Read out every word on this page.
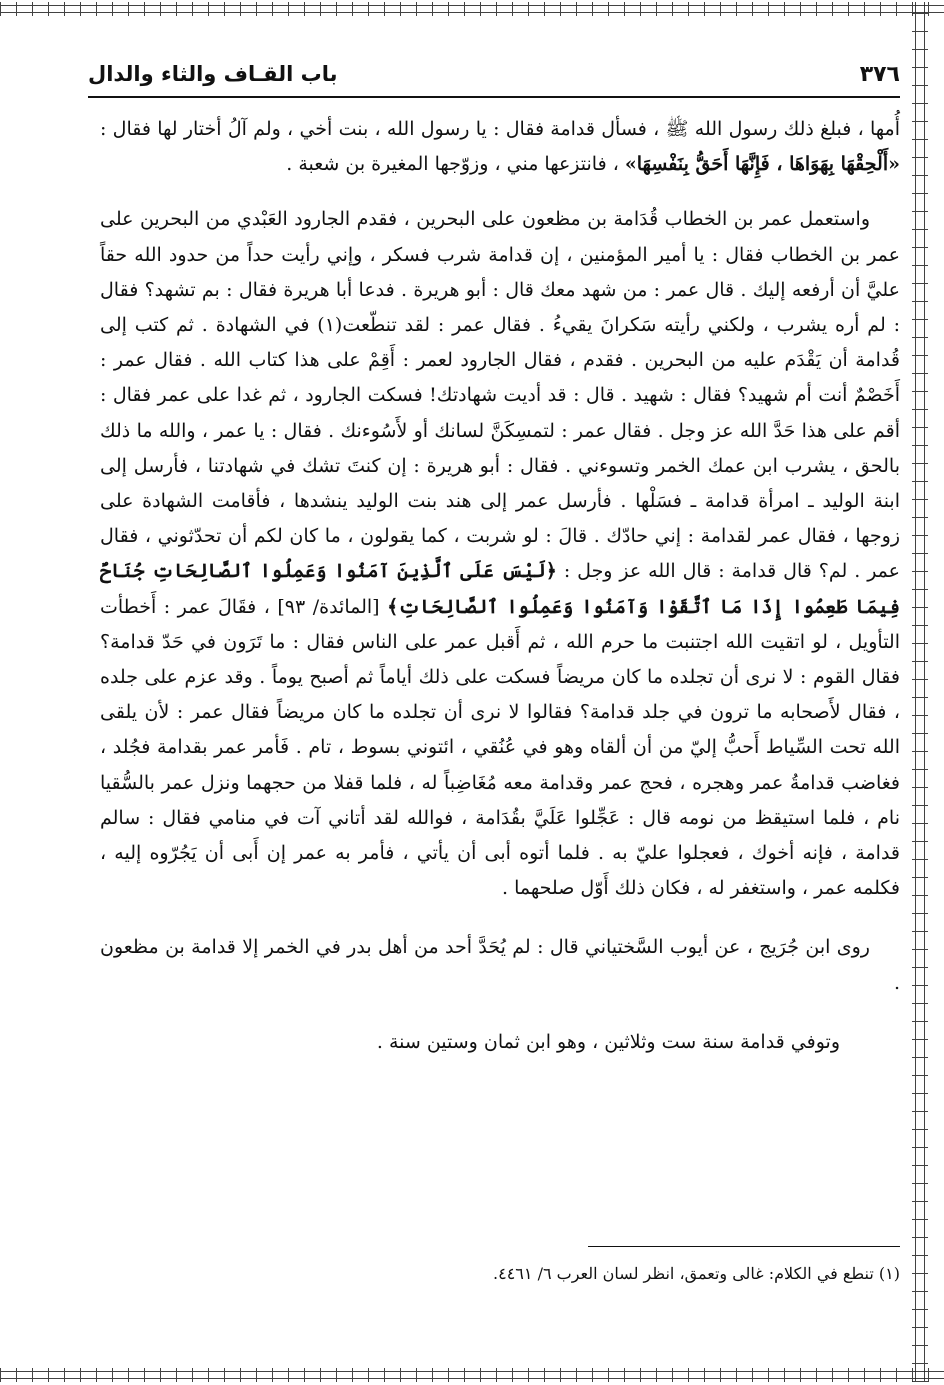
٣٧٦
باب القـاف والثاء والدال

أُمها ، فبلغ ذلك رسول الله ﷺ ، فسأل قدامة فقال : يا رسول الله ، بنت أخي ، ولم آلُ أختار لها فقال : «أَلْحِقْهَا بِهَوَاهَا ، فَإِنَّهَا أَحَقُّ بِنَفْسِهَا» ، فانتزعها مني ، وزوّجها المغيرة بن شعبة .

واستعمل عمر بن الخطاب قُدَامة بن مظعون على البحرين ، فقدم الجارود العَبْدي من البحرين على عمر بن الخطاب فقال : يا أمير المؤمنين ، إن قدامة شرب فسكر ، وإني رأيت حداً من حدود الله حقاً عليَّ أن أرفعه إليك . قال عمر : من شهد معك قال : أبو هريرة . فدعا أبا هريرة فقال : بم تشهد؟ فقال : لم أره يشرب ، ولكني رأيته سَكرانَ يقيءُ . فقال عمر : لقد تنطّعت(١) في الشهادة . ثم كتب إلى قُدامة أن يَقْدَم عليه من البحرين . فقدم ، فقال الجارود لعمر : أَقِمْ على هذا كتاب الله . فقال عمر : أَخَصْمٌ أنت أم شهيد؟ فقال : شهيد . قال : قد أديت شهادتك! فسكت الجارود ، ثم غدا على عمر فقال : أقم على هذا حَدَّ الله عز وجل . فقال عمر : لتمسِكَنَّ لسانك أو لأَسُوءنك . فقال : يا عمر ، والله ما ذلك بالحق ، يشرب ابن عمك الخمر وتسوءني . فقال : أبو هريرة : إن كنتَ تشك في شهادتنا ، فأرسل إلى ابنة الوليد ـ امرأة قدامة ـ فسَلْها . فأرسل عمر إلى هند بنت الوليد ينشدها ، فأقامت الشهادة على زوجها ، فقال عمر لقدامة : إني حادّك . قالَ : لو شربت ، كما يقولون ، ما كان لكم أن تحدّثوني ، فقال عمر . لم؟ قال قدامة : قال الله عز وجل : ﴿لَيْسَ عَلَى ٱلَّذِينَ آمَنُوا وَعَمِلُوا ٱلصَّالِحَاتِ جُنَاحٌ فِيمَا طَعِمُوا إِذَا مَا ٱتَّقَوْا وَآمَنُوا وَعَمِلُوا ٱلصَّالِحَاتِ﴾ [المائدة/ ٩٣] ، فقَالَ عمر : أَخطأت التأويل ، لو اتقيت الله اجتنبت ما حرم الله ، ثم أَقبل عمر على الناس فقال : ما تَرَون في حَدّ قدامة؟ فقال القوم : لا نرى أن تجلده ما كان مريضاً فسكت على ذلك أياماً ثم أصبح يوماً . وقد عزم على جلده ، فقال لأَصحابه ما ترون في جلد قدامة؟ فقالوا لا نرى أن تجلده ما كان مريضاً فقال عمر : لأن يلقى الله تحت السِّياط أَحبُّ إليّ من أن ألقاه وهو في عُنُقي ، ائتوني بسوط ، تام . فَأمر عمر بقدامة فجُلد ، فغاضب قدامةُ عمر وهجره ، فحج عمر وقدامة معه مُغَاضِباً له ، فلما قفلا من حجهما ونزل عمر بالسُّقيا نام ، فلما استيقظ من نومه قال : عَجِّلوا عَلَيَّ بقُدَامة ، فوالله لقد أتاني آت في منامي فقال : سالم قدامة ، فإنه أخوك ، فعجلوا عليّ به . فلما أتوه أبى أن يأتي ، فأمر به عمر إن أَبى أن يَجُرّوه إليه ، فكلمه عمر ، واستغفر له ، فكان ذلك أَوّل صلحهما .

روى ابن جُرَيج ، عن أيوب السَّختياني قال : لم يُحَدَّ أحد من أهل بدر في الخمر إلا قدامة بن مظعون .

وتوفي قدامة سنة ست وثلاثين ، وهو ابن ثمان وستين سنة .

(١) تنطع في الكلام: غالى وتعمق، انظر لسان العرب ٦/ ٤٤٦١.
